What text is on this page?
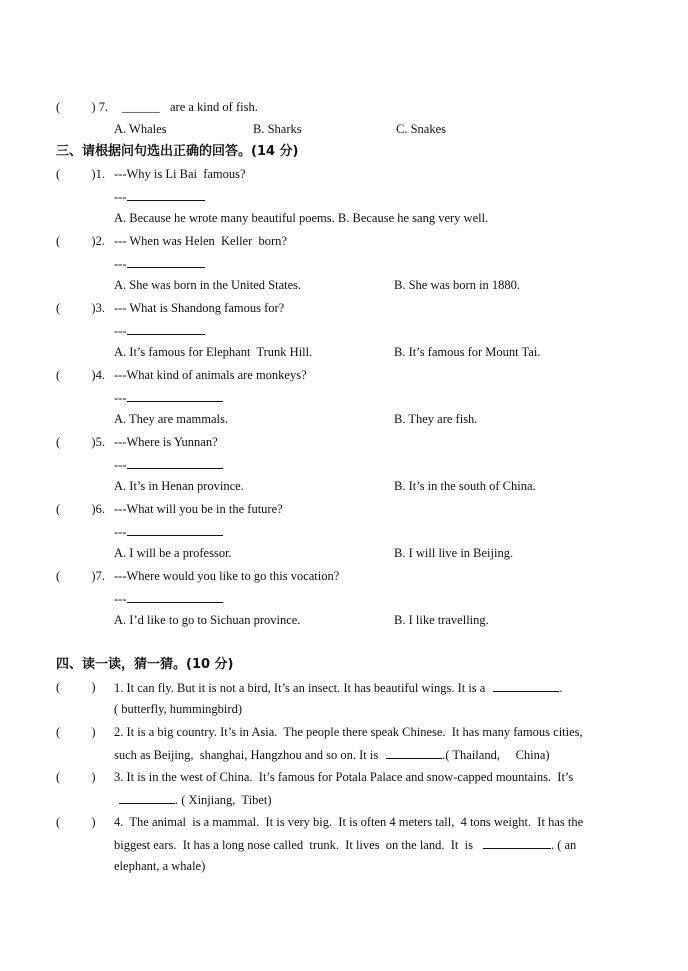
(          ) 7. ______ are a kind of fish.
A. Whales	B. Sharks	C. Snakes
三、请根据问句选出正确的回答。(14 分)
(          )1. ---Why is Li Bai  famous?
---
A. Because he wrote many beautiful poems. B. Because he sang very well.
(          )2. --- When was Helen  Keller  born?
---
A. She was born in the United States.	B. She was born in 1880.
(          )3. --- What is Shandong famous for?
---
A. It’s famous for Elephant  Trunk Hill.	B. It’s famous for Mount Tai.
(          )4. ---What kind of animals are monkeys?
---
A. They are mammals.	B. They are fish.
(          )5. ---Where is Yunnan?
---
A. It’s in Henan province.	B. It’s in the south of China.
(          )6. ---What will you be in the future?
---
A. I will be a professor.	B. I will live in Beijing.
(          )7. ---Where would you like to go this vocation?
---
A. I’d like to go to Sichuan province.	B. I like travelling.
四、读一读，猜一猜。(10 分)
(          ) 1. It can fly. But it is not a bird, It’s an insect. It has beautiful wings. It is a	.
( butterfly, hummingbird)
(          ) 2. It is a big country. It’s in Asia.  The people there speak Chinese.  It has many famous cities,
such as Beijing,  shanghai, Hangzhou and so on. It is	.( Thailand,     China)
(          ) 3. It is in the west of China.  It’s famous for Potala Palace and snow-capped mountains.  It’s
. ( Xinjiang,  Tibet)
(          ) 4.  The animal  is a mammal.  It is very big.  It is often 4 meters tall,  4 tons weight.  It has the
biggest ears.  It has a long nose called  trunk.  It lives  on the land.  It  is	. ( an
elephant, a whale)
